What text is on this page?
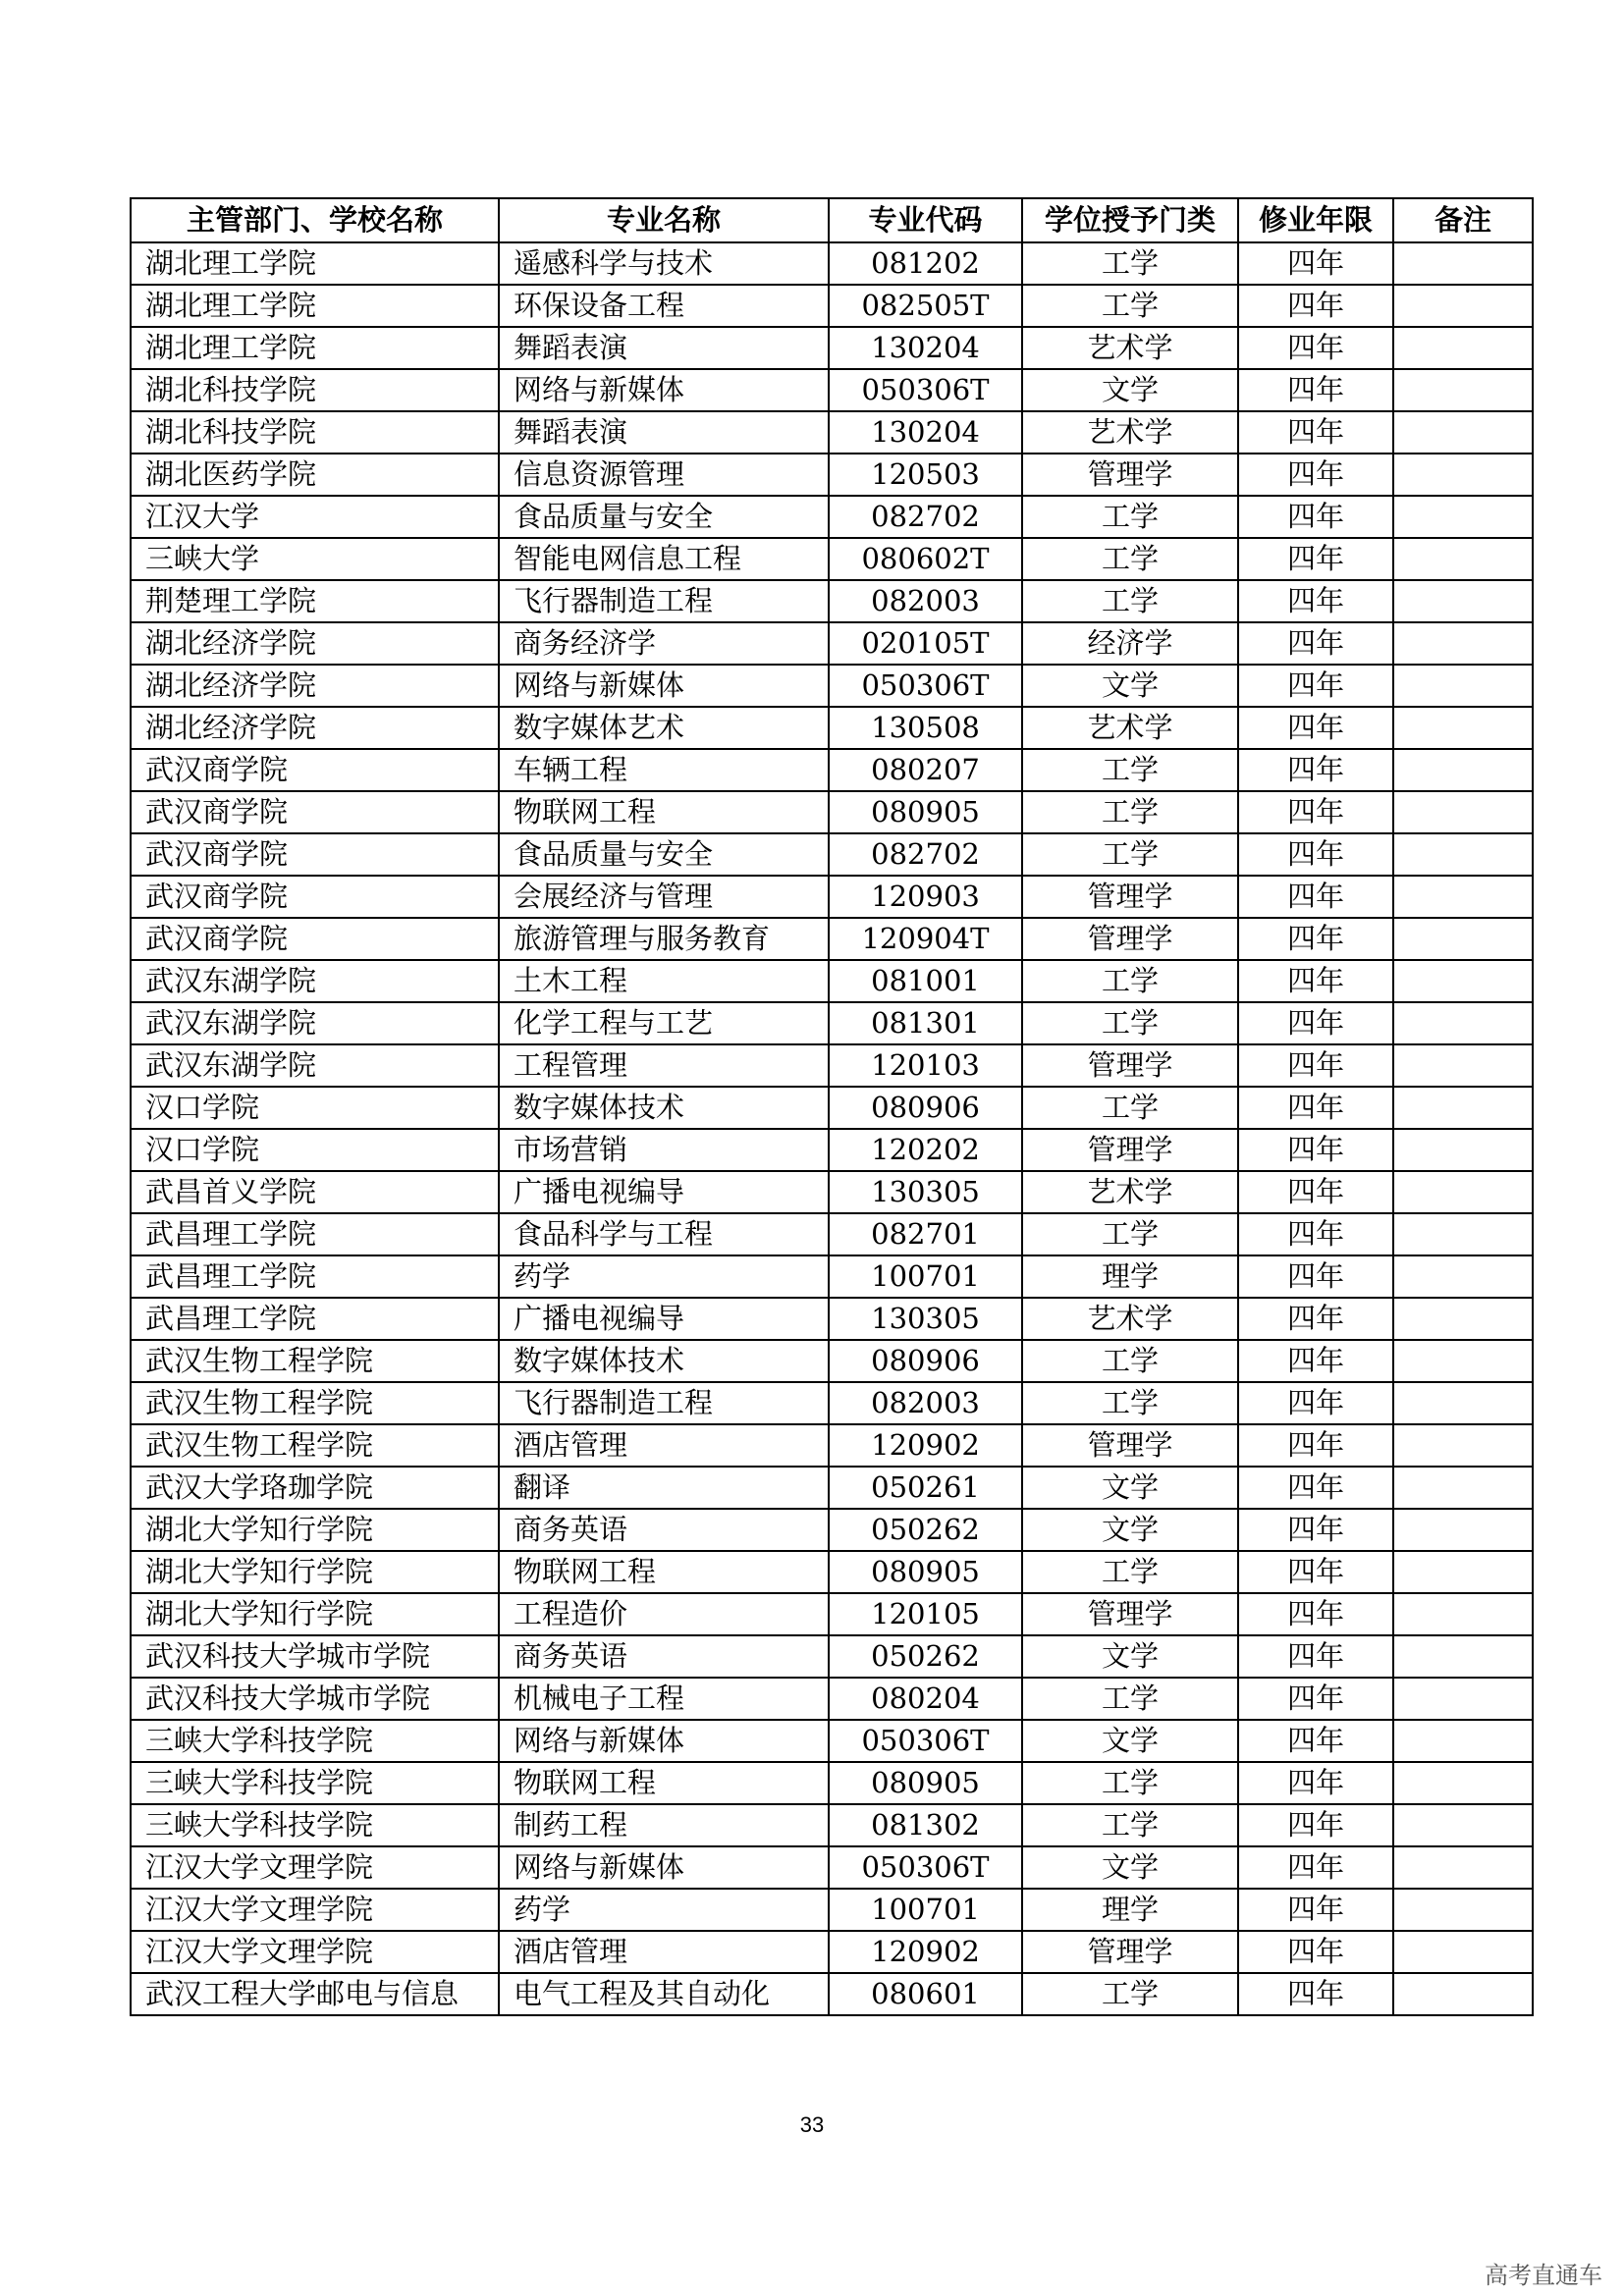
主管部门、学校名称	专业名称	专业代码	学位授予门类	修业年限	备注
湖北理工学院	遥感科学与技术	081202	工学	四年	
湖北理工学院	环保设备工程	082505T	工学	四年	
湖北理工学院	舞蹈表演	130204	艺术学	四年	
湖北科技学院	网络与新媒体	050306T	文学	四年	
湖北科技学院	舞蹈表演	130204	艺术学	四年	
湖北医药学院	信息资源管理	120503	管理学	四年	
江汉大学	食品质量与安全	082702	工学	四年	
三峡大学	智能电网信息工程	080602T	工学	四年	
荆楚理工学院	飞行器制造工程	082003	工学	四年	
湖北经济学院	商务经济学	020105T	经济学	四年	
湖北经济学院	网络与新媒体	050306T	文学	四年	
湖北经济学院	数字媒体艺术	130508	艺术学	四年	
武汉商学院	车辆工程	080207	工学	四年	
武汉商学院	物联网工程	080905	工学	四年	
武汉商学院	食品质量与安全	082702	工学	四年	
武汉商学院	会展经济与管理	120903	管理学	四年	
武汉商学院	旅游管理与服务教育	120904T	管理学	四年	
武汉东湖学院	土木工程	081001	工学	四年	
武汉东湖学院	化学工程与工艺	081301	工学	四年	
武汉东湖学院	工程管理	120103	管理学	四年	
汉口学院	数字媒体技术	080906	工学	四年	
汉口学院	市场营销	120202	管理学	四年	
武昌首义学院	广播电视编导	130305	艺术学	四年	
武昌理工学院	食品科学与工程	082701	工学	四年	
武昌理工学院	药学	100701	理学	四年	
武昌理工学院	广播电视编导	130305	艺术学	四年	
武汉生物工程学院	数字媒体技术	080906	工学	四年	
武汉生物工程学院	飞行器制造工程	082003	工学	四年	
武汉生物工程学院	酒店管理	120902	管理学	四年	
武汉大学珞珈学院	翻译	050261	文学	四年	
湖北大学知行学院	商务英语	050262	文学	四年	
湖北大学知行学院	物联网工程	080905	工学	四年	
湖北大学知行学院	工程造价	120105	管理学	四年	
武汉科技大学城市学院	商务英语	050262	文学	四年	
武汉科技大学城市学院	机械电子工程	080204	工学	四年	
三峡大学科技学院	网络与新媒体	050306T	文学	四年	
三峡大学科技学院	物联网工程	080905	工学	四年	
三峡大学科技学院	制药工程	081302	工学	四年	
江汉大学文理学院	网络与新媒体	050306T	文学	四年	
江汉大学文理学院	药学	100701	理学	四年	
江汉大学文理学院	酒店管理	120902	管理学	四年	
武汉工程大学邮电与信息	电气工程及其自动化	080601	工学	四年	
33
高考直通车
